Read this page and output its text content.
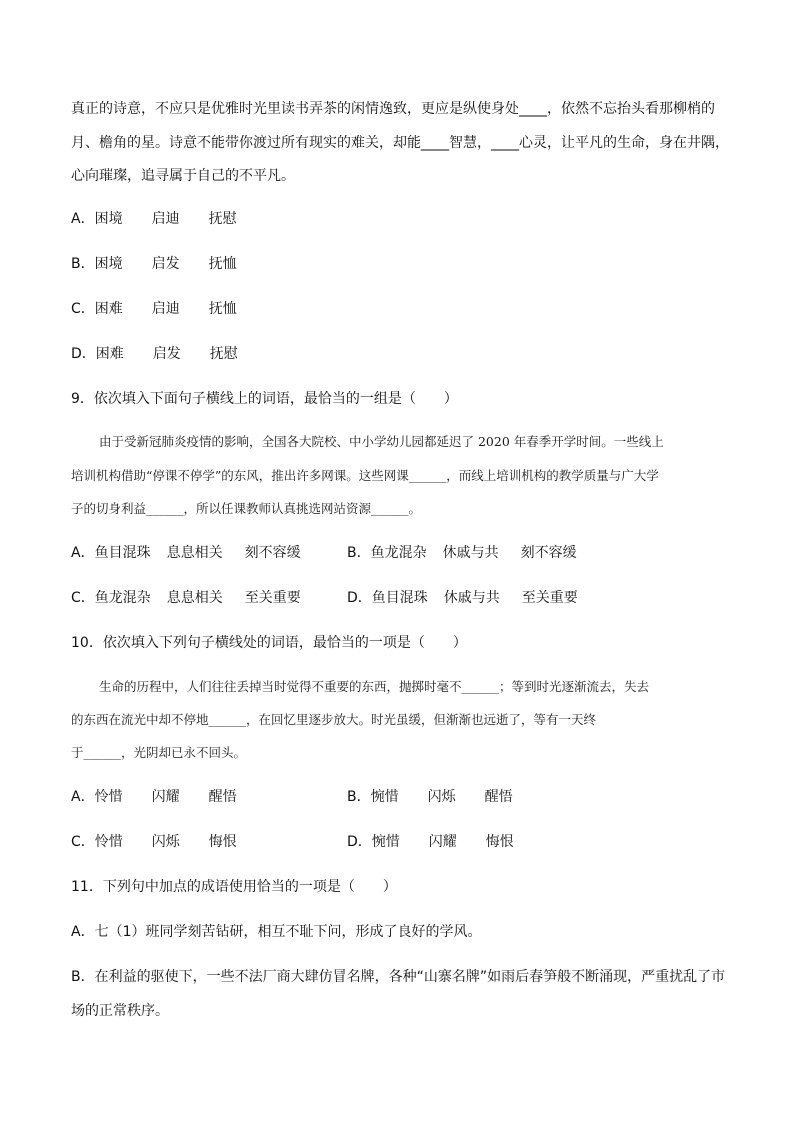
真正的诗意，不应只是优雅时光里读书弄茶的闲情逸致，更应是纵使身处____，依然不忘抬头看那柳梢的
月、檐角的星。诗意不能带你渡过所有现实的难关，却能____智慧，____心灵，让平凡的生命，身在井隅，
心向璀璨，追寻属于自己的不平凡。
A．困境 启迪 抚慰
B．困境 启发 抚恤
C．困难 启迪 抚恤
D．困难 启发 抚慰
9．依次填入下面句子横线上的词语，最恰当的一组是（　　）
由于受新冠肺炎疫情的影响，全国各大院校、中小学幼儿园都延迟了 2020 年春季开学时间。一些线上
培训机构借助“停课不停学”的东风，推出许多网课。这些网课______，而线上培训机构的教学质量与广大学
子的切身利益______，所以任课教师认真挑选网站资源______。
A．鱼目混珠 息息相关 刻不容缓	B．鱼龙混杂 休戚与共 刻不容缓
C．鱼龙混杂 息息相关 至关重要	D．鱼目混珠 休戚与共 至关重要
10．依次填入下列句子横线处的词语，最恰当的一项是（　　）
生命的历程中，人们往往丢掉当时觉得不重要的东西，抛掷时毫不______；等到时光逐渐流去，失去
的东西在流光中却不停地______，在回忆里逐步放大。时光虽缓，但渐渐也远逝了，等有一天终
于______，光阴却已永不回头。
A．怜惜 闪耀 醒悟	B．惋惜 闪烁 醒悟
C．怜惜 闪烁 悔恨	D．惋惜 闪耀 悔恨
11．下列句中加点的成语使用恰当的一项是（　　）
A．七（1）班同学刻苦钻研，相互不耻下问，形成了良好的学风。
B．在利益的驱使下，一些不法厂商大肆仿冒名牌，各种“山寨名牌”如雨后春笋般不断涌现，严重扰乱了市
场的正常秩序。
